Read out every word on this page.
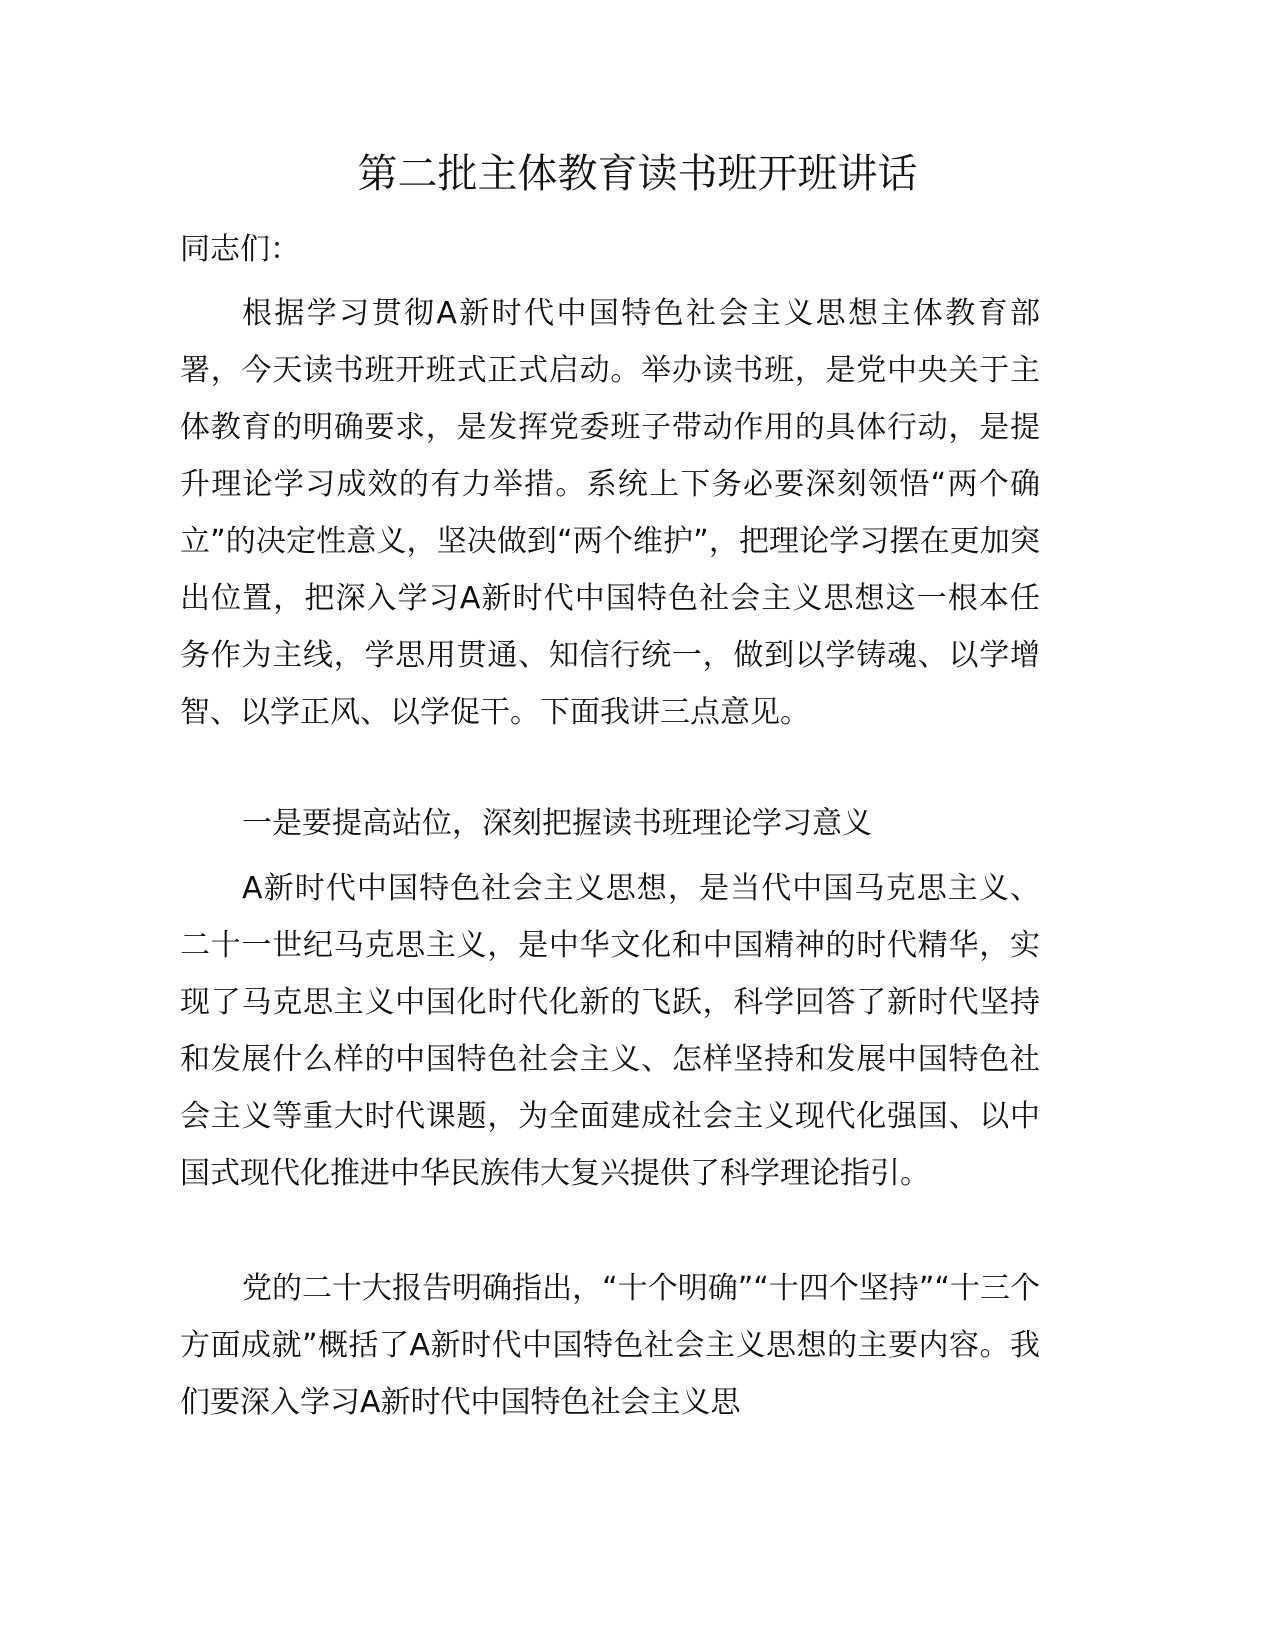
第二批主体教育读书班开班讲话

同志们：

根据学习贯彻A新时代中国特色社会主义思想主体教育部署，今天读书班开班式正式启动。举办读书班，是党中央关于主体教育的明确要求，是发挥党委班子带动作用的具体行动，是提升理论学习成效的有力举措。系统上下务必要深刻领悟“两个确立”的决定性意义，坚决做到“两个维护”，把理论学习摆在更加突出位置，把深入学习A新时代中国特色社会主义思想这一根本任务作为主线，学思用贯通、知信行统一，做到以学铸魂、以学增智、以学正风、以学促干。下面我讲三点意见。

一是要提高站位，深刻把握读书班理论学习意义

A新时代中国特色社会主义思想，是当代中国马克思主义、二十一世纪马克思主义，是中华文化和中国精神的时代精华，实现了马克思主义中国化时代化新的飞跃，科学回答了新时代坚持和发展什么样的中国特色社会主义、怎样坚持和发展中国特色社会主义等重大时代课题，为全面建成社会主义现代化强国、以中国式现代化推进中华民族伟大复兴提供了科学理论指引。

党的二十大报告明确指出，“十个明确”“十四个坚持”“十三个方面成就”概括了A新时代中国特色社会主义思想的主要内容。我们要深入学习A新时代中国特色社会主义思
